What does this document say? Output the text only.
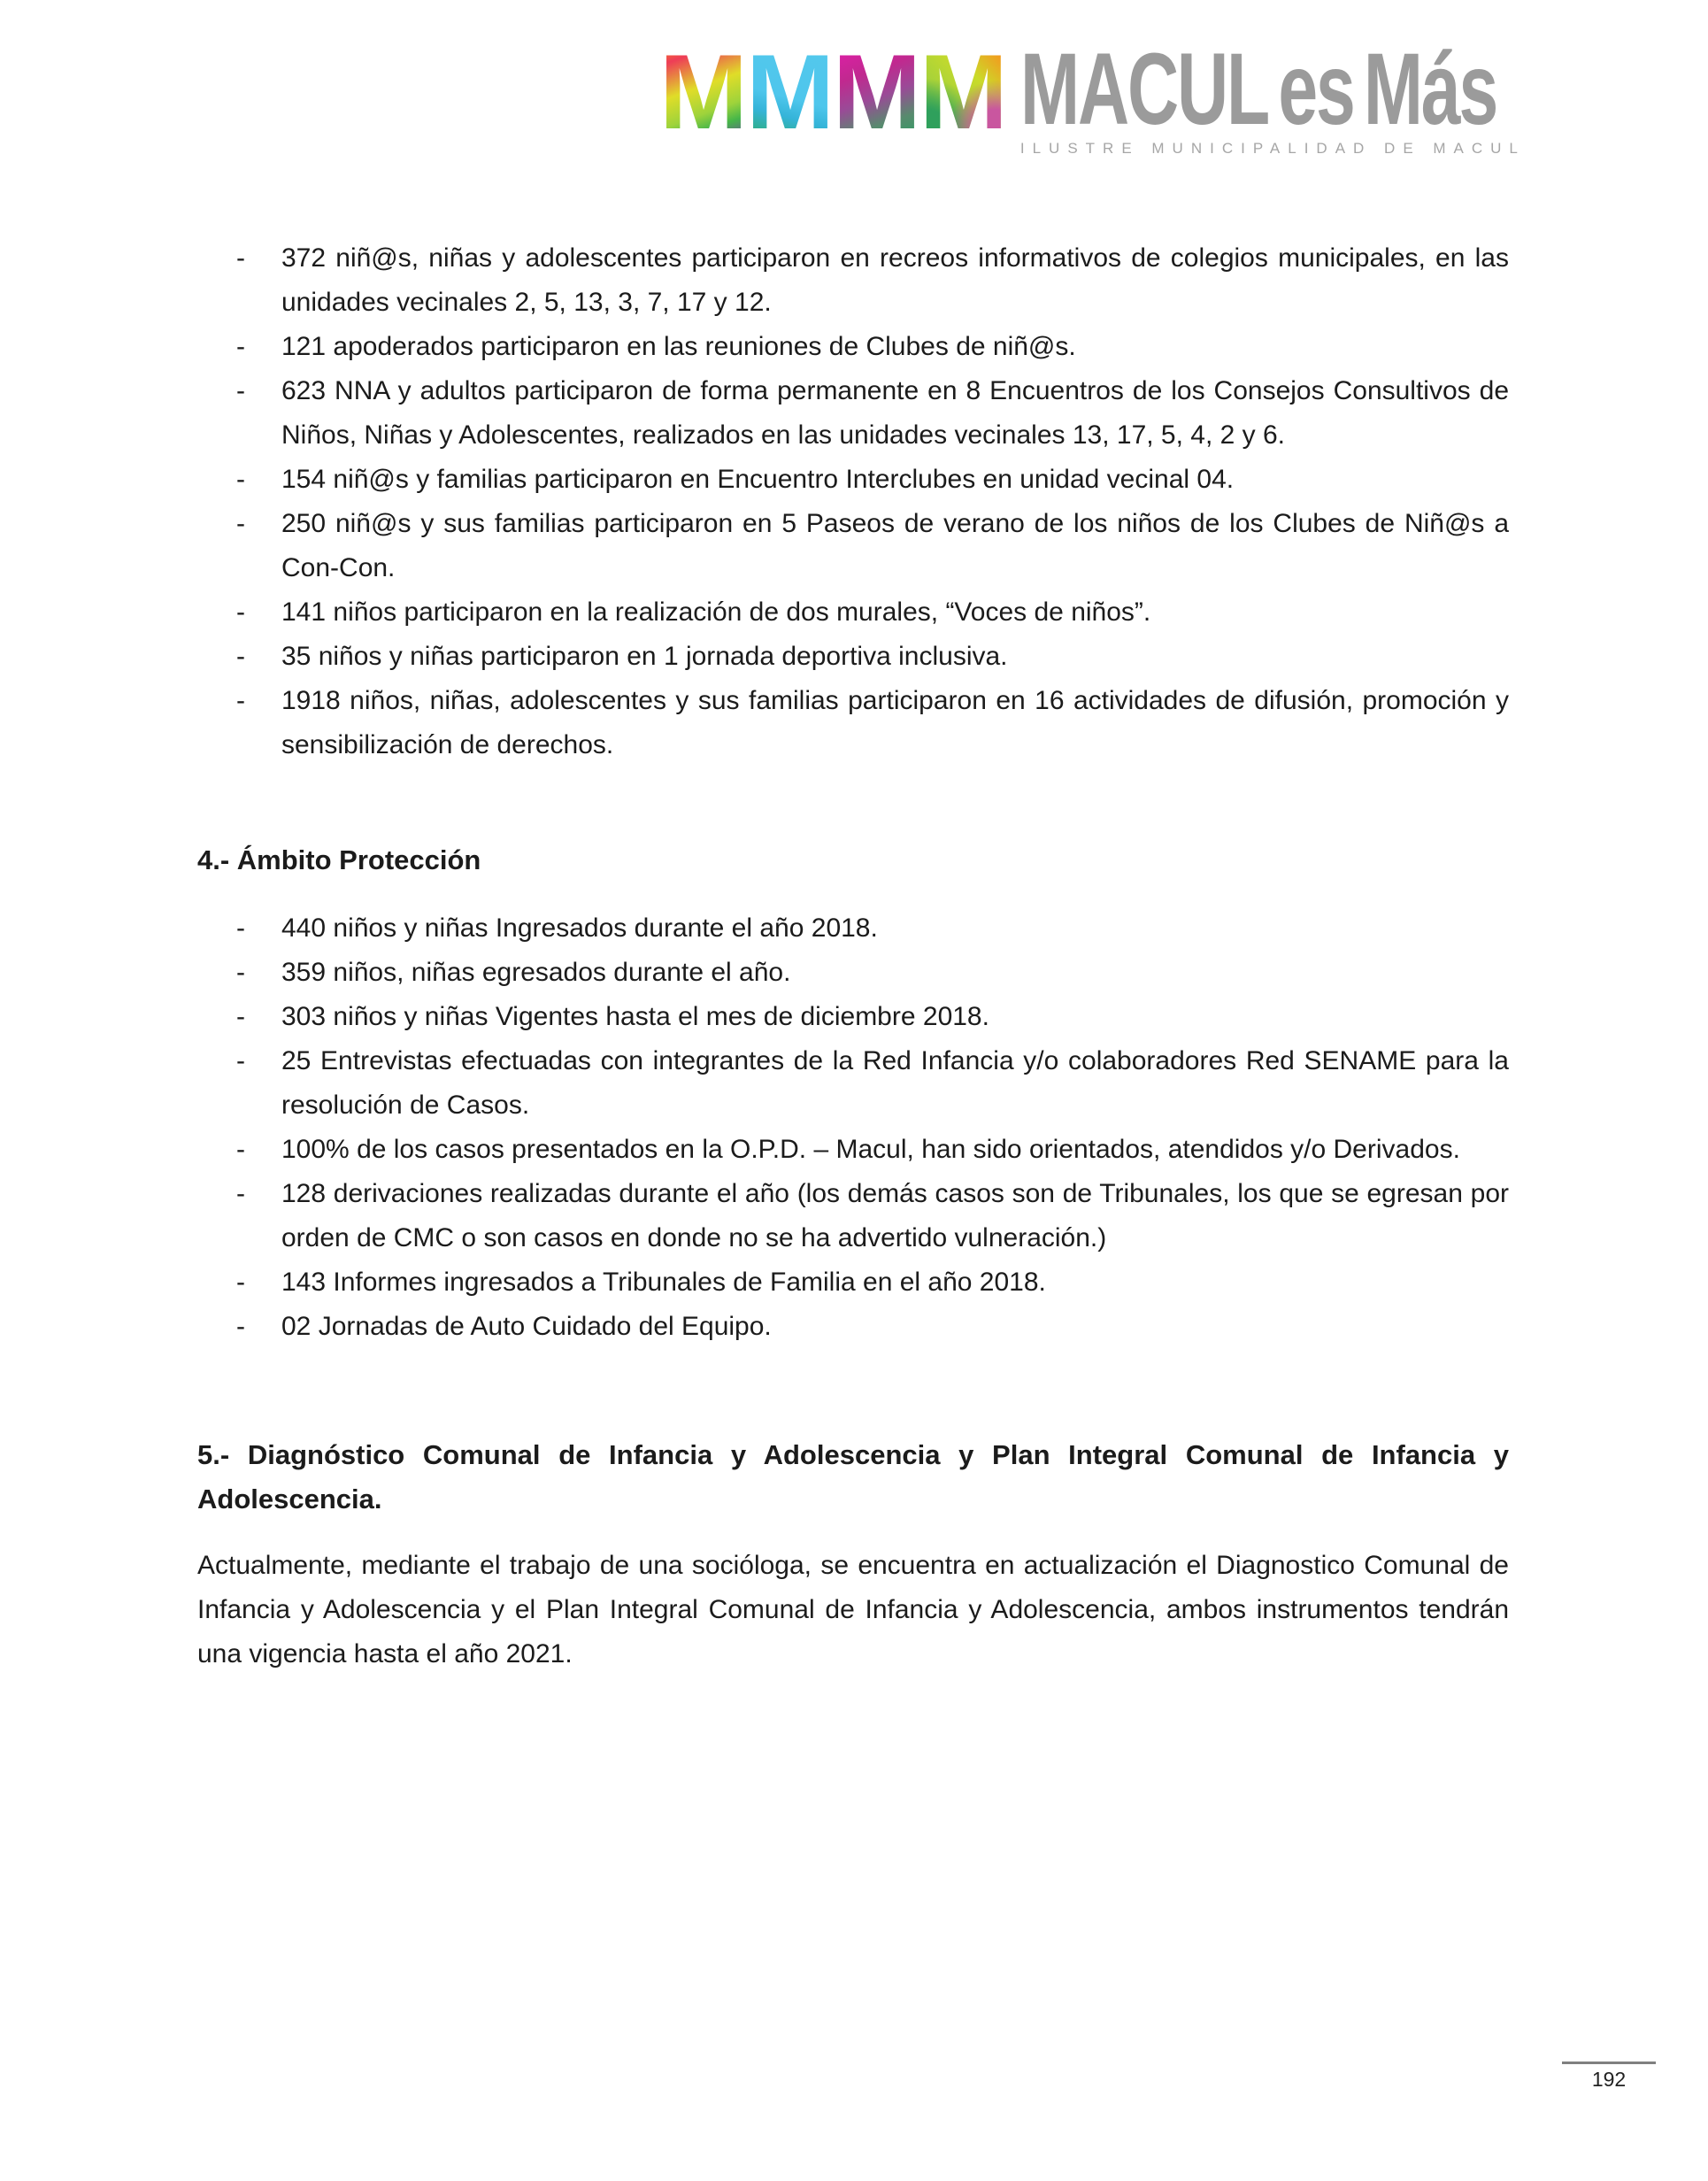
MMMM MACUL es Más
ILUSTRE MUNICIPALIDAD DE MACUL
- 372 niñ@s, niñas y adolescentes participaron en recreos informativos de colegios municipales, en las unidades vecinales 2, 5, 13, 3, 7, 17 y 12.
- 121 apoderados participaron en las reuniones de Clubes de niñ@s.
- 623 NNA y adultos participaron de forma permanente en 8 Encuentros de los Consejos Consultivos de Niños, Niñas y Adolescentes, realizados en las unidades vecinales 13, 17, 5, 4, 2 y 6.
- 154 niñ@s y familias participaron en Encuentro Interclubes en unidad vecinal 04.
- 250 niñ@s y sus familias participaron en 5 Paseos de verano de los niños de los Clubes de Niñ@s a Con-Con.
- 141 niños participaron en la realización de dos murales, “Voces de niños”.
- 35 niños y niñas participaron en 1 jornada deportiva inclusiva.
- 1918 niños, niñas, adolescentes y sus familias participaron en 16 actividades de difusión, promoción y sensibilización de derechos.
4.- Ámbito Protección
- 440 niños y niñas Ingresados durante el año 2018.
- 359 niños, niñas egresados durante el año.
- 303 niños y niñas Vigentes hasta el mes de diciembre 2018.
- 25 Entrevistas efectuadas con integrantes de la Red Infancia y/o colaboradores Red SENAME para la resolución de Casos.
- 100% de los casos presentados en la O.P.D. – Macul, han sido orientados, atendidos y/o Derivados.
- 128 derivaciones realizadas durante el año (los demás casos son de Tribunales, los que se egresan por orden de CMC o son casos en donde no se ha advertido vulneración.)
- 143 Informes ingresados a Tribunales de Familia en el año 2018.
- 02 Jornadas de Auto Cuidado del Equipo.
5.- Diagnóstico Comunal de Infancia y Adolescencia y Plan Integral Comunal de Infancia y Adolescencia.
Actualmente, mediante el trabajo de una socióloga, se encuentra en actualización el Diagnostico Comunal de Infancia y Adolescencia y el Plan Integral Comunal de Infancia y Adolescencia, ambos instrumentos tendrán una vigencia hasta el año 2021.
192
